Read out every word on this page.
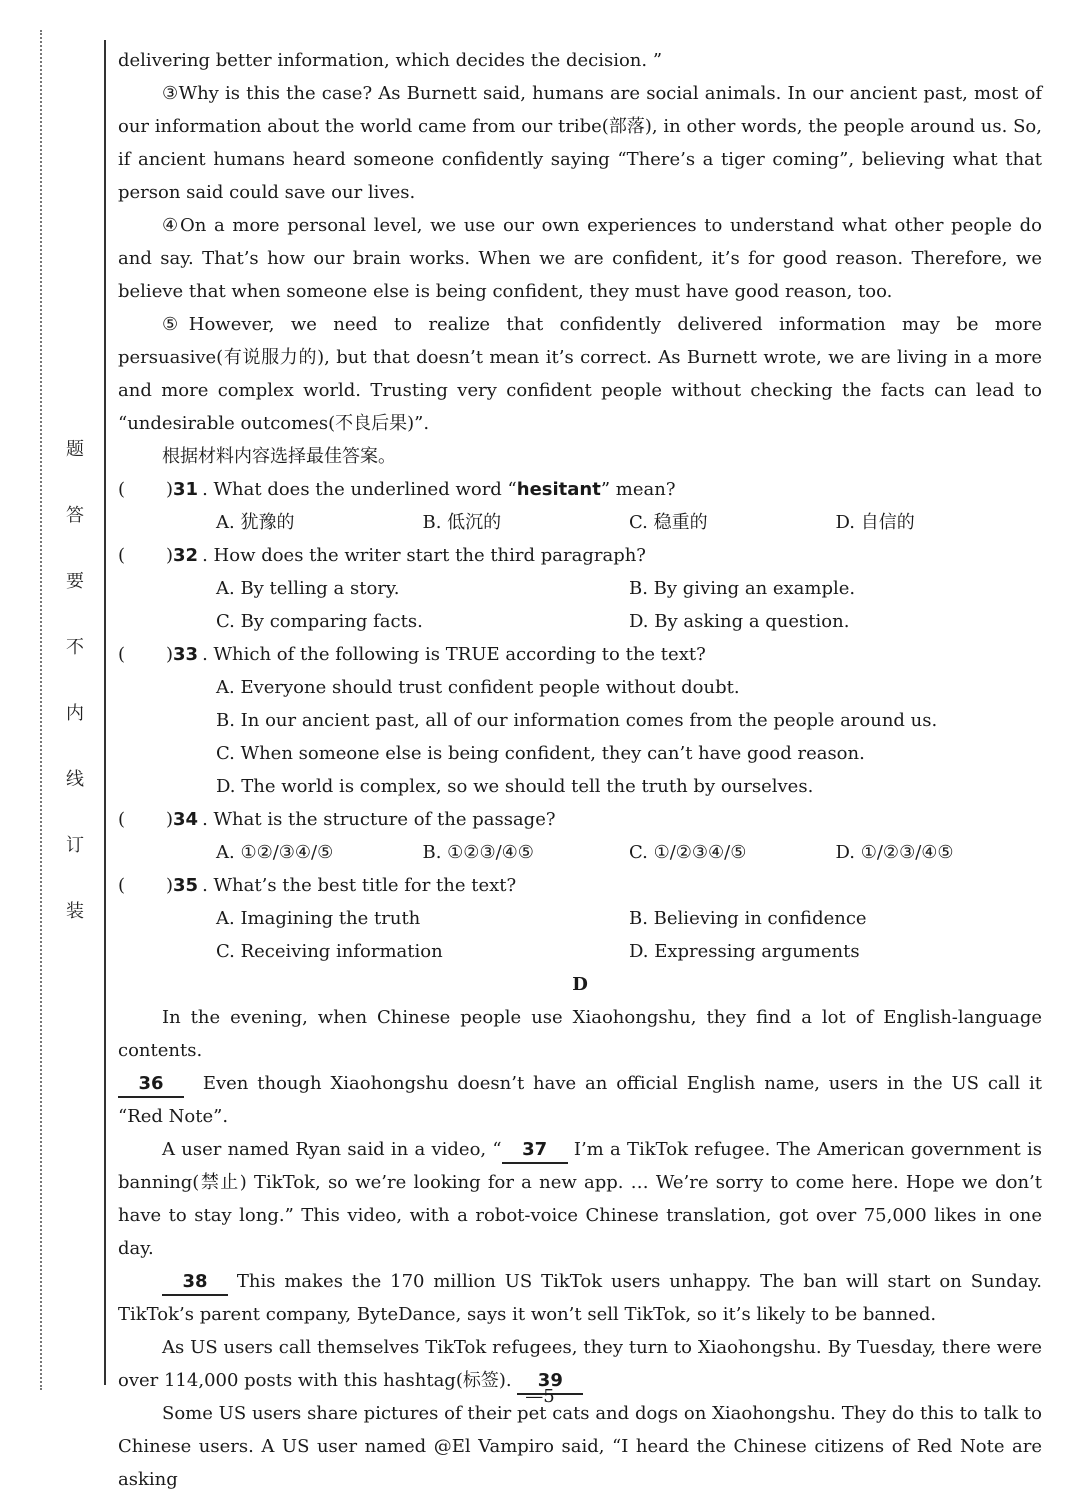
题
答
要
不
内
线
订
装

delivering better information, which decides the decision. ”

③Why is this the case? As Burnett said, humans are social animals. In our ancient past, most of our information about the world came from our tribe(部落), in other words, the people around us. So, if ancient humans heard someone confidently saying “There’s a tiger coming”, believing what that person said could save our lives.

④On a more personal level, we use our own experiences to understand what other people do and say. That’s how our brain works. When we are confident, it’s for good reason. Therefore, we believe that when someone else is being confident, they must have good reason, too.

⑤However, we need to realize that confidently delivered information may be more persuasive(有说服力的), but that doesn’t mean it’s correct. As Burnett wrote, we are living in a more and more complex world. Trusting very confident people without checking the facts can lead to “undesirable outcomes(不良后果)”.

根据材料内容选择最佳答案。

(	) 31 . What does the underlined word “ hesitant ” mean?
A. 犹豫的	B. 低沉的	C. 稳重的	D. 自信的
(	) 32 . How does the writer start the third paragraph?
A. By telling a story.	B. By giving an example.
C. By comparing facts.	D. By asking a question.
(	) 33 . Which of the following is TRUE according to the text?

A. Everyone should trust confident people without doubt.

B. In our ancient past, all of our information comes from the people around us.

C. When someone else is being confident, they can’t have good reason.

D. The world is complex, so we should tell the truth by ourselves.

(	) 34 . What is the structure of the passage?
A. ①②/③④/⑤	B. ①②③/④⑤	C. ①/②③④/⑤	D. ①/②③/④⑤
(	) 35 . What’s the best title for the text?
A. Imagining the truth	B. Believing in confidence
C. Receiving information	D. Expressing arguments

D

In the evening, when Chinese people use Xiaohongshu, they find a lot of English-language contents.

36 Even though Xiaohongshu doesn’t have an official English name, users in the US call it “Red Note”.

A user named Ryan said in a video, “ 37 I’m a TikTok refugee. The American government is banning(禁止) TikTok, so we’re looking for a new app. … We’re sorry to come here. Hope we don’t have to stay long.” This video, with a robot-voice Chinese translation, got over 75,000 likes in one day.

38 This makes the 170 million US TikTok users unhappy. The ban will start on Sunday. TikTok’s parent company, ByteDance, says it won’t sell TikTok, so it’s likely to be banned.

As US users call themselves TikTok refugees, they turn to Xiaohongshu. By Tuesday, there were over 114,000 posts with this hashtag(标签). 39

Some US users share pictures of their pet cats and dogs on Xiaohongshu. They do this to talk to Chinese users. A US user named @El Vampiro said, “I heard the Chinese citizens of Red Note are asking

—5
